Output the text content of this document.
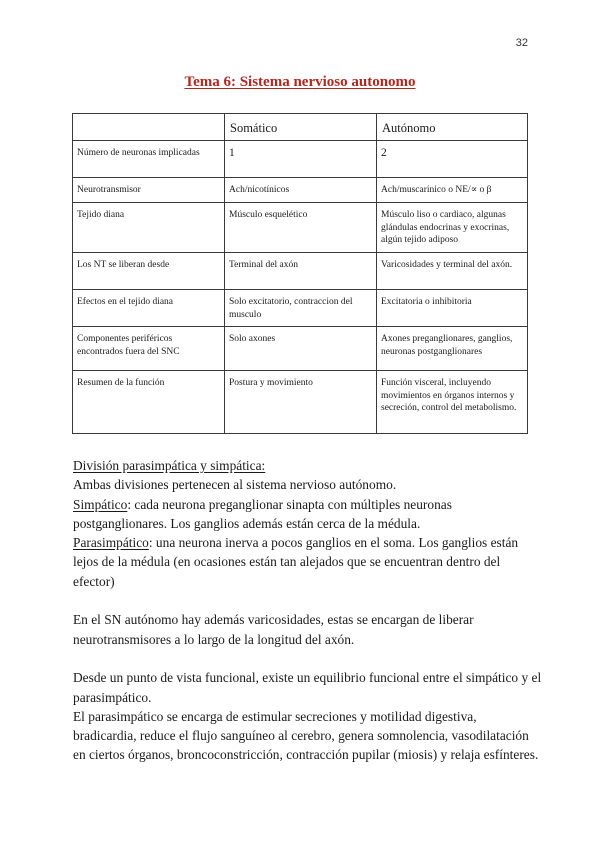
32
Tema 6: Sistema nervioso autonomo
	Somático	Autónomo
Número de neuronas implicadas	1	2
Neurotransmisor	Ach/nicotínicos	Ach/muscarínico o NE/∝ o β
Tejido diana	Músculo esquelético	Músculo liso o cardiaco, algunas glándulas endocrinas y exocrinas, algún tejido adiposo
Los NT se liberan desde	Terminal del axón	Varicosidades y terminal del axón.
Efectos en el tejido diana	Solo excitatorio, contraccion del musculo	Excitatoria o inhibitoria
Componentes periféricos encontrados fuera del SNC	Solo axones	Axones preganglionares, ganglios, neuronas postganglionares
Resumen de la función	Postura y movimiento	Función visceral, incluyendo movimientos en órganos internos y secreción, control del metabolismo.

División parasimpática y simpática:

Ambas divisiones pertenecen al sistema nervioso autónomo.

Simpático: cada neurona preganglionar sinapta con múltiples neuronas postganglionares. Los ganglios además están cerca de la médula.

Parasimpático: una neurona inerva a pocos ganglios en el soma. Los ganglios están lejos de la médula (en ocasiones están tan alejados que se encuentran dentro del efector)

En el SN autónomo hay además varicosidades, estas se encargan de liberar neurotransmisores a lo largo de la longitud del axón.

Desde un punto de vista funcional, existe un equilibrio funcional entre el simpático y el parasimpático.

El parasimpático se encarga de estimular secreciones y motilidad digestiva, bradicardia, reduce el flujo sanguíneo al cerebro, genera somnolencia, vasodilatación en ciertos órganos, broncoconstricción, contracción pupilar (miosis) y relaja esfínteres.
